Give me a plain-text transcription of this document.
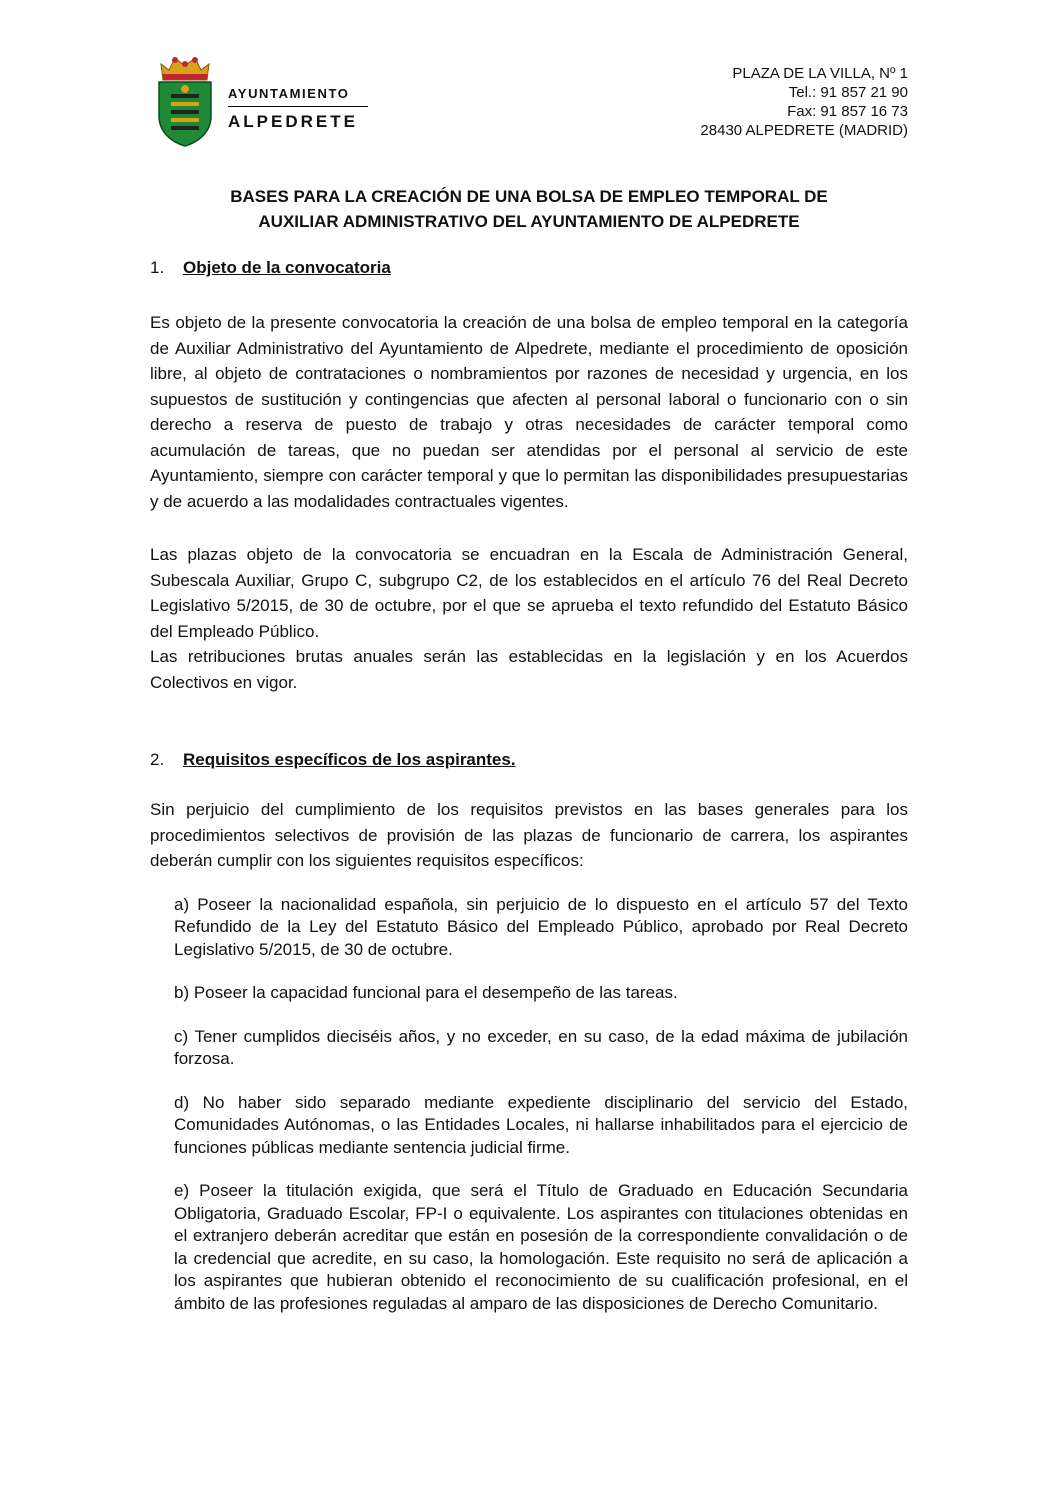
AYUNTAMIENTO
ALPEDRETE
PLAZA DE LA VILLA, Nº 1
Tel.: 91 857 21 90
Fax: 91 857 16 73
28430 ALPEDRETE (MADRID)
BASES PARA LA CREACIÓN DE UNA BOLSA DE EMPLEO TEMPORAL DE
AUXILIAR ADMINISTRATIVO DEL AYUNTAMIENTO DE ALPEDRETE
1.	Objeto de la convocatoria

Es objeto de la presente convocatoria la creación de una bolsa de empleo temporal en la categoría de Auxiliar Administrativo del Ayuntamiento de Alpedrete, mediante el procedimiento de oposición libre, al objeto de contrataciones o nombramientos por razones de necesidad y urgencia, en los supuestos de sustitución y contingencias que afecten al personal laboral o funcionario con o sin derecho a reserva de puesto de trabajo y otras necesidades de carácter temporal como acumulación de tareas, que no puedan ser atendidas por el personal al servicio de este Ayuntamiento, siempre con carácter temporal y que lo permitan las disponibilidades presupuestarias y de acuerdo a las modalidades contractuales vigentes.

Las plazas objeto de la convocatoria se encuadran en la Escala de Administración General, Subescala Auxiliar, Grupo C, subgrupo C2, de los establecidos en el artículo 76 del Real Decreto Legislativo 5/2015, de 30 de octubre, por el que se aprueba el texto refundido del Estatuto Básico del Empleado Público.

Las retribuciones brutas anuales serán las establecidas en la legislación y en los Acuerdos Colectivos en vigor.

2.	Requisitos específicos de los aspirantes.

Sin perjuicio del cumplimiento de los requisitos previstos en las bases generales para los procedimientos selectivos de provisión de las plazas de funcionario de carrera, los aspirantes deberán cumplir con los siguientes requisitos específicos:

a) Poseer la nacionalidad española, sin perjuicio de lo dispuesto en el artículo 57 del Texto Refundido de la Ley del Estatuto Básico del Empleado Público, aprobado por Real Decreto Legislativo 5/2015, de 30 de octubre.

b) Poseer la capacidad funcional para el desempeño de las tareas.

c) Tener cumplidos dieciséis años, y no exceder, en su caso, de la edad máxima de jubilación forzosa.

d) No haber sido separado mediante expediente disciplinario del servicio del Estado, Comunidades Autónomas, o las Entidades Locales, ni hallarse inhabilitados para el ejercicio de funciones públicas mediante sentencia judicial firme.

e) Poseer la titulación exigida, que será el Título de Graduado en Educación Secundaria Obligatoria, Graduado Escolar, FP-I o equivalente. Los aspirantes con titulaciones obtenidas en el extranjero deberán acreditar que están en posesión de la correspondiente convalidación o de la credencial que acredite, en su caso, la homologación. Este requisito no será de aplicación a los aspirantes que hubieran obtenido el reconocimiento de su cualificación profesional, en el ámbito de las profesiones reguladas al amparo de las disposiciones de Derecho Comunitario.
